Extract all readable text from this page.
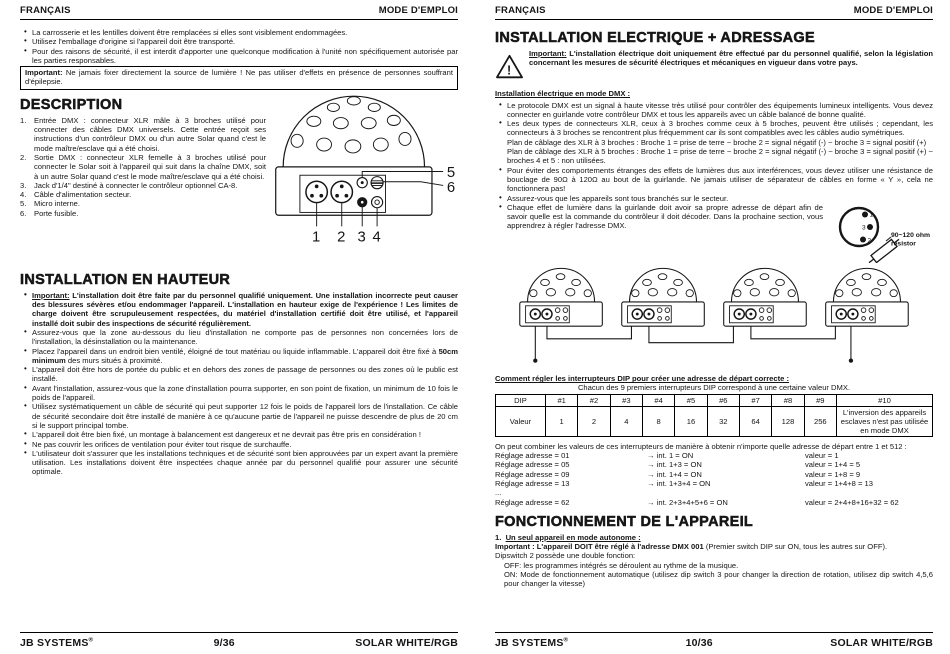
FRANÇAIS	MODE D'EMPLOI
• La carrosserie et les lentilles doivent être remplacées si elles sont visiblement endommagées.
• Utilisez l'emballage d'origine si l'appareil doit être transporté.
• Pour des raisons de sécurité, il est interdit d'apporter une quelconque modification à l'unité non spécifiquement autorisée par les parties responsables.
Important: Ne jamais fixer directement la source de lumière ! Ne pas utiliser d'effets en présence de personnes souffrant d'épilepsie.
DESCRIPTION
1.	Entrée DMX : connecteur XLR mâle à 3 broches utilisé pour connecter des câbles DMX universels. Cette entrée reçoit ses instructions d'un contrôleur DMX ou d'un autre Solar quand c'est le mode maître/esclave qui a été choisi.
2.	Sortie DMX : connecteur XLR femelle à 3 broches utilisé pour connecter le Solar soit à l'appareil qui suit dans la chaîne DMX, soit à un autre Solar quand c'est le mode maître/esclave qui a été choisi.
3.	Jack d'1/4" destiné à connecter le contrôleur optionnel CA-8.
4.	Câble d'alimentation secteur.
5.	Micro interne.
6.	Porte fusible.
1 2 3 4
5
6
INSTALLATION EN HAUTEUR
• Important: L'installation doit être faite par du personnel qualifié uniquement. Une installation incorrecte peut causer des blessures sévères et/ou endommager l'appareil. L'installation en hauteur exige de l'expérience ! Les limites de charge doivent être scrupuleusement respectées, du matériel d'installation certifié doit être utilisé, et l'appareil installé doit subir des inspections de sécurité régulièrement.
• Assurez-vous que la zone au-dessous du lieu d'installation ne comporte pas de personnes non concernées lors de l'installation, la désinstallation ou la maintenance.
• Placez l'appareil dans un endroit bien ventilé, éloigné de tout matériau ou liquide inflammable. L'appareil doit être fixé à 50cm minimum des murs situés à proximité.
• L'appareil doit être hors de portée du public et en dehors des zones de passage de personnes ou des zones où le public est installé.
• Avant l'installation, assurez-vous que la zone d'installation pourra supporter, en son point de fixation, un minimum de 10 fois le poids de l'appareil.
• Utilisez systématiquement un câble de sécurité qui peut supporter 12 fois le poids de l'appareil lors de l'installation. Ce câble de sécurité secondaire doit être installé de manière à ce qu'aucune partie de l'appareil ne puisse descendre de plus de 20 cm si le support principal tombe.
• L'appareil doit être bien fixé, un montage à balancement est dangereux et ne devrait pas être pris en considération !
• Ne pas couvrir les orifices de ventilation pour éviter tout risque de surchauffe.
• L'utilisateur doit s'assurer que les installations techniques et de sécurité sont bien approuvées par un expert avant la première utilisation. Les installations doivent être inspectées chaque année par du personnel qualifié pour assurer une sécurité optimale.
JB SYSTEMS®	9/36	SOLAR WHITE/RGB
FRANÇAIS	MODE D'EMPLOI
INSTALLATION ELECTRIQUE + ADRESSAGE
!
Important: L'installation électrique doit uniquement être effectué par du personnel qualifié, selon la législation concernant les mesures de sécurité électriques et mécaniques en vigueur dans votre pays.
Installation électrique en mode DMX :
• Le protocole DMX est un signal à haute vitesse très utilisé pour contrôler des équipements lumineux intelligents. Vous devez connecter en guirlande votre contrôleur DMX et tous les appareils avec un câble balancé de bonne qualité.
• Les deux types de connecteurs XLR, ceux à 3 broches comme ceux à 5 broches, peuvent être utilisés ; cependant, les connecteurs à 3 broches se rencontrent plus fréquemment car ils sont compatibles avec les câbles audio symétriques.
Plan de câblage des XLR à 3 broches : Broche 1 = prise de terre ~ broche 2 = signal négatif (-) ~ broche 3 = signal positif (+)
Plan de câblage des XLR à 5 broches : Broche 1 = prise de terre ~ broche 2 = signal négatif (-) ~ broche 3 = signal positif (+) ~ broches 4 et 5 : non utilisées.
• Pour éviter des comportements étranges des effets de lumières dus aux interférences, vous devez utiliser une résistance de bouclage de 90Ω à 120Ω au bout de la guirlande. Ne jamais utiliser de séparateur de câbles en forme « Y », cela ne fonctionnera pas!
• Assurez-vous que les appareils sont tous branchés sur le secteur.
• 1
3
2
90~120 ohm
resistor
Chaque effet de lumière dans la guirlande doit avoir sa propre adresse de départ afin de savoir quelle est la commande du contrôleur il doit décoder. Dans la prochaine section, vous apprendrez à régler l'adresse DMX.
Comment régler les interrupteurs DIP pour créer une adresse de départ correcte :
Chacun des 9 premiers interrupteurs DIP correspond à une certaine valeur DMX.
DIP	#1	#2	#3	#4	#5	#6	#7	#8	#9	#10
Valeur	1	2	4	8	16	32	64	128	256	L'inversion des appareils esclaves n'est pas utilisée en mode DMX
On peut combiner les valeurs de ces interrupteurs de manière à obtenir n'importe quelle adresse de départ entre 1 et 512 :
Réglage adresse = 01	→ int. 1 = ON	valeur = 1
Réglage adresse = 05	→ int. 1+3 = ON	valeur = 1+4 = 5
Réglage adresse = 09	→ int. 1+4 = ON	valeur = 1+8 = 9
Réglage adresse = 13	→ int. 1+3+4 = ON	valeur = 1+4+8 = 13
...
Réglage adresse = 62	→ int. 2+3+4+5+6 = ON	valeur = 2+4+8+16+32 = 62
FONCTIONNEMENT DE L'APPAREIL
1. Un seul appareil en mode autonome :
Important : L'appareil DOIT être réglé à l'adresse DMX 001 (Premier switch DIP sur ON, tous les autres sur OFF).
Dipswitch 2 possède une double fonction:
OFF: les programmes intégrés se déroulent au rythme de la musique.
ON: Mode de fonctionnement automatique (utilisez dip switch 3 pour changer la direction de rotation, utilisez dip switch 4,5,6 pour changer la vitesse)
JB SYSTEMS®	10/36	SOLAR WHITE/RGB
